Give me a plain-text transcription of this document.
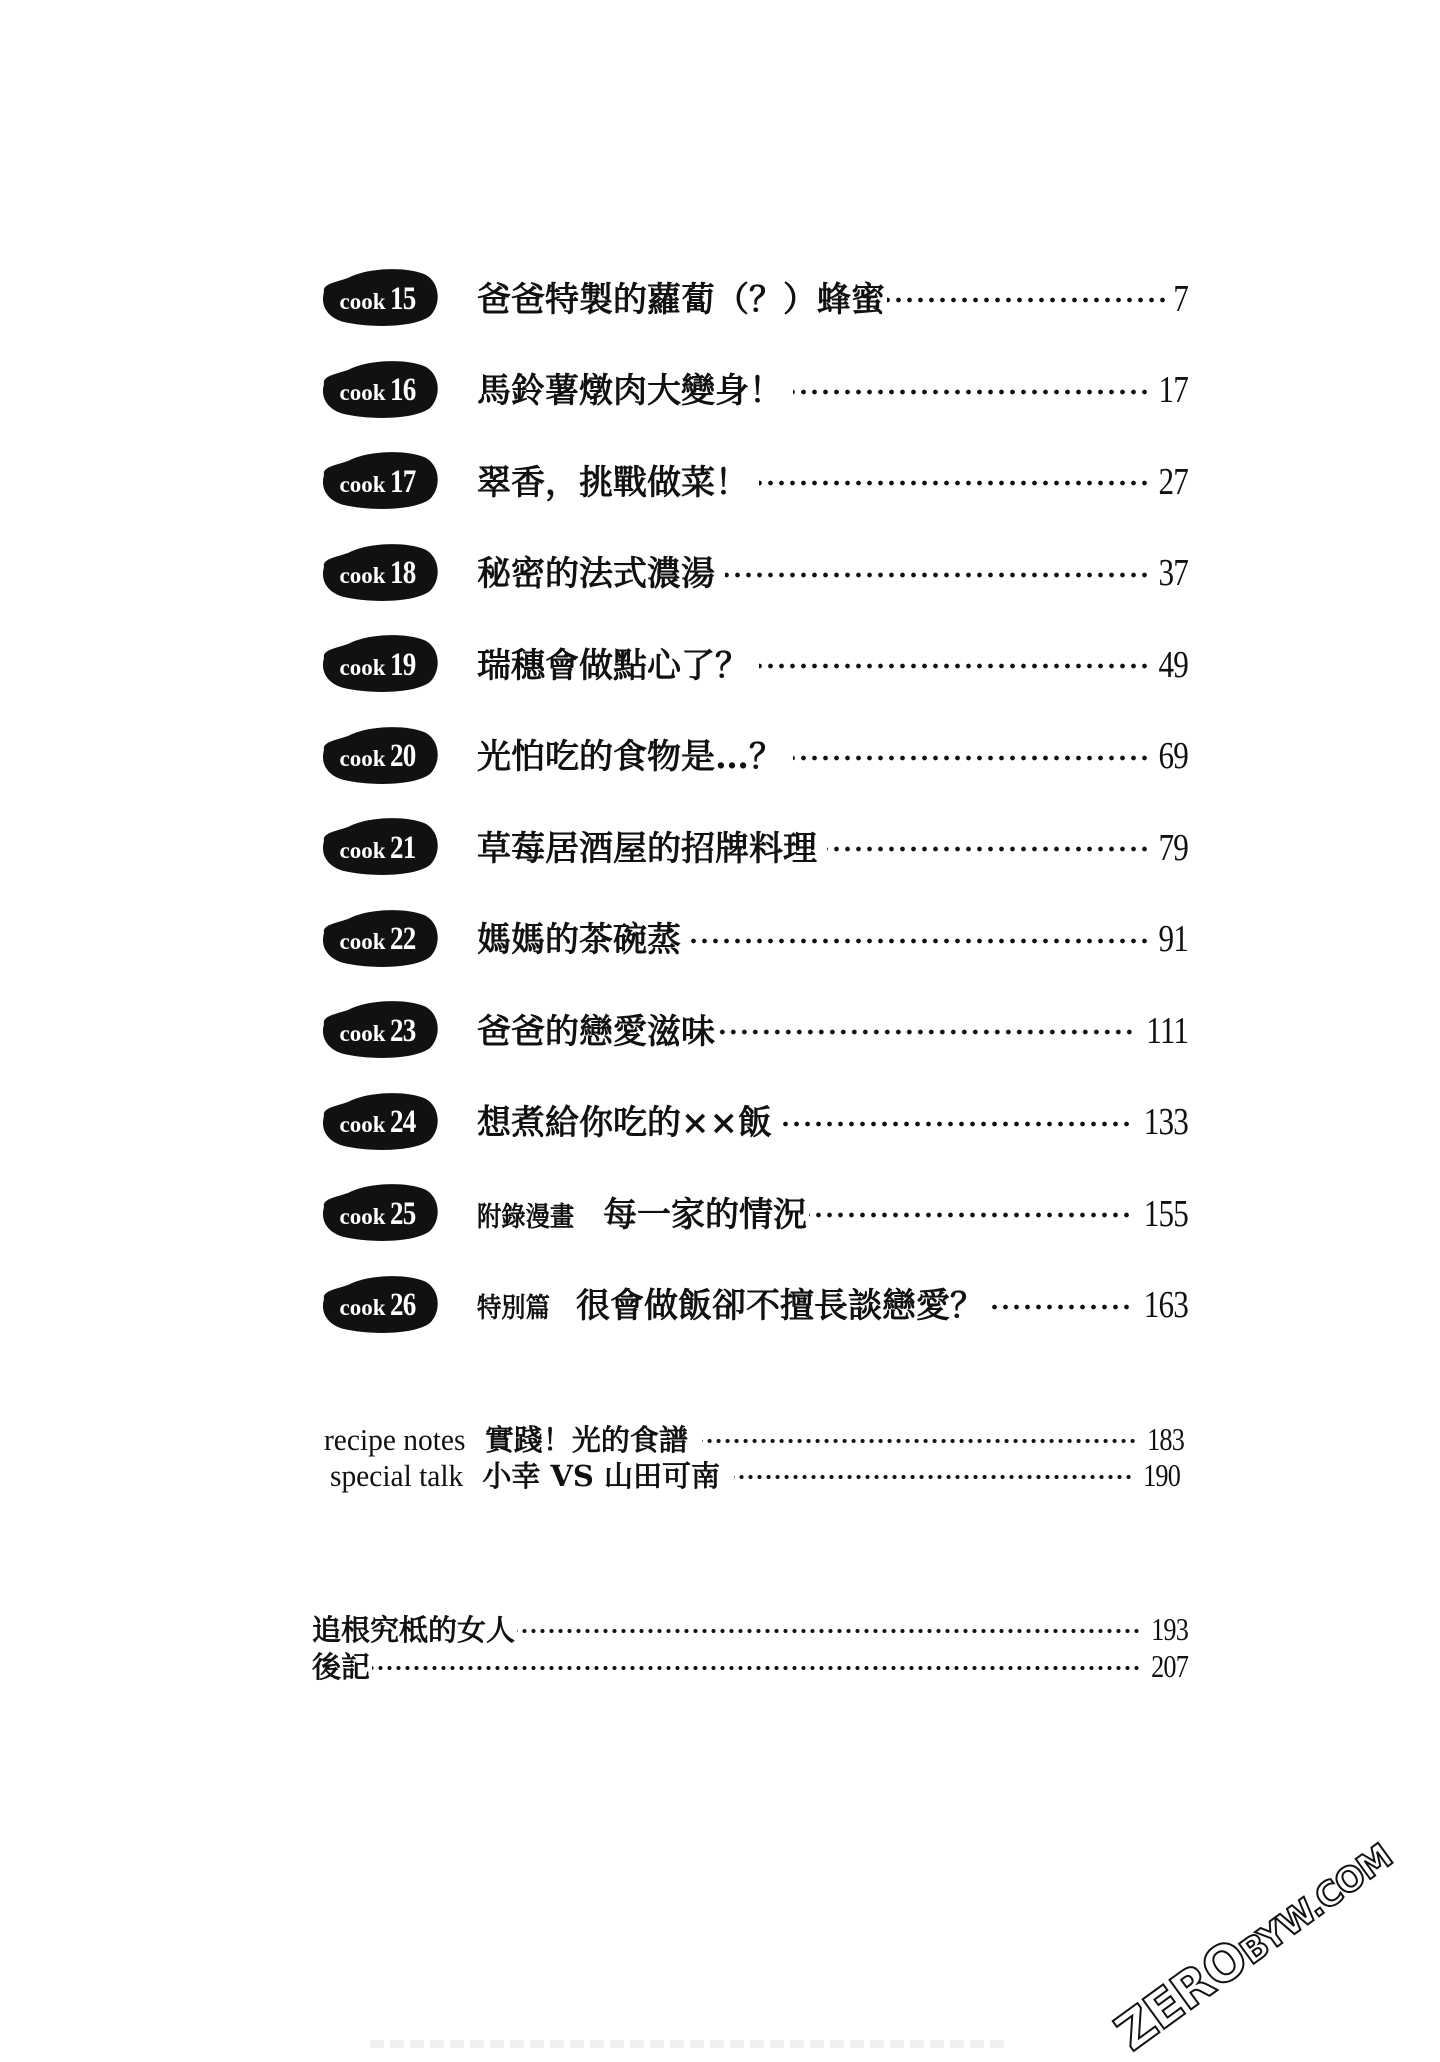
cook 15 爸爸特製的蘿蔔（？）蜂蜜	7
cook 16 馬鈴薯燉肉大變身！	17
cook 17 翠香，挑戰做菜！	27
cook 18 秘密的法式濃湯	37
cook 19 瑞穗會做點心了？	49
cook 20 光怕吃的食物是…？	69
cook 21 草莓居酒屋的招牌料理	79
cook 22 媽媽的茶碗蒸	91
cook 23 爸爸的戀愛滋味	111
cook 24 想煮給你吃的××飯	133
cook 25 附錄漫畫 每一家的情況	155
cook 26 特別篇 很會做飯卻不擅長談戀愛？	163
recipe notes 實踐！光的食譜	183
special talk 小幸 VS 山田可南	190
追根究柢的女人	193
後記	207
ZEROBYW.COM
